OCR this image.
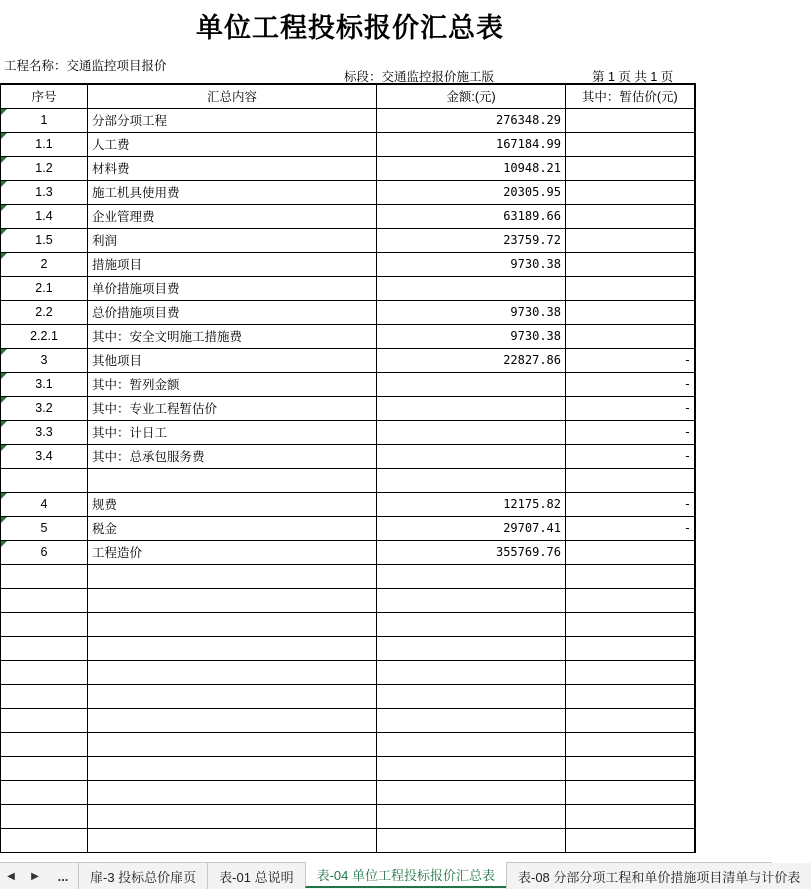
单位工程投标报价汇总表
工程名称：交通监控项目报价
标段：交通监控报价施工版	第 1 页 共 1 页
序号	汇总内容	金额:(元)	其中：暂估价(元)
1	分部分项工程	276348.29	
1.1	人工费	167184.99	
1.2	材料费	10948.21	
1.3	施工机具使用费	20305.95	
1.4	企业管理费	63189.66	
1.5	利润	23759.72	
2	措施项目	9730.38	
2.1	单价措施项目费		
2.2	总价措施项目费	9730.38	
2.2.1	其中：安全文明施工措施费	9730.38	
3	其他项目	22827.86	-
3.1	其中：暂列金额		-
3.2	其中：专业工程暂估价		-
3.3	其中：计日工		-
3.4	其中：总承包服务费		-

4	规费	12175.82	-
5	税金	29707.41	-
6	工程造价	355769.76	

◀	▶	...	扉-3 投标总价扉页	表-01 总说明	表-04 单位工程投标报价汇总表	表-08 分部分项工程和单价措施项目清单与计价表
